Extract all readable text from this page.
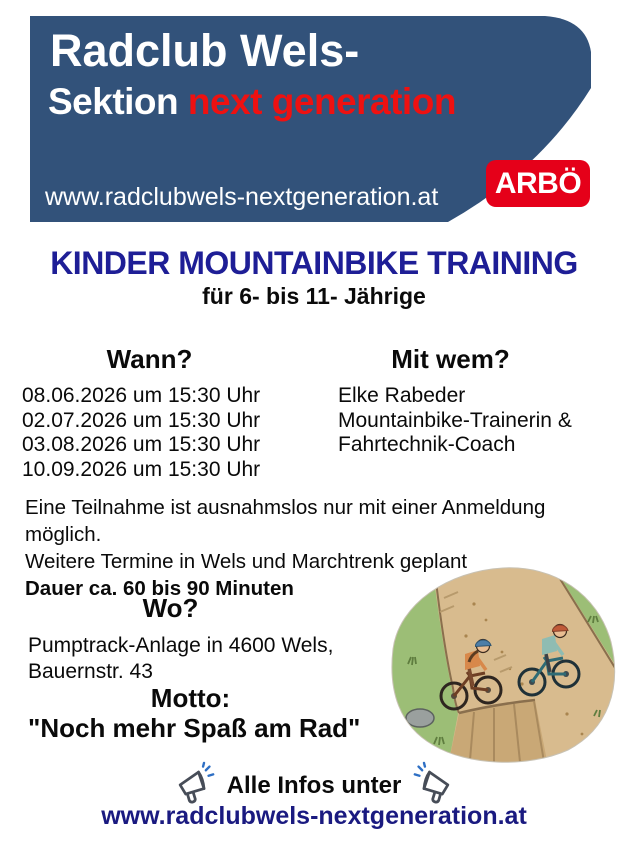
Radclub Wels-
Sektion next generation
www.radclubwels-nextgeneration.at ARBÖ
KINDER MOUNTAINBIKE TRAINING
für 6- bis 11- Jährige
Wann?
08.06.2026 um 15:30 Uhr
02.07.2026 um 15:30 Uhr
03.08.2026 um 15:30 Uhr
10.09.2026 um 15:30 Uhr
Mit wem?
Elke Rabeder
Mountainbike-Trainerin &
Fahrtechnik-Coach
Eine Teilnahme ist ausnahmslos nur mit einer Anmeldung möglich.
Weitere Termine in Wels und Marchtrenk geplant
Dauer ca. 60 bis 90 Minuten
Wo?
Pumptrack-Anlage in 4600 Wels,
Bauernstr. 43

Motto:

"Noch mehr Spaß am Rad"

Alle Infos unter
www.radclubwels-nextgeneration.at
